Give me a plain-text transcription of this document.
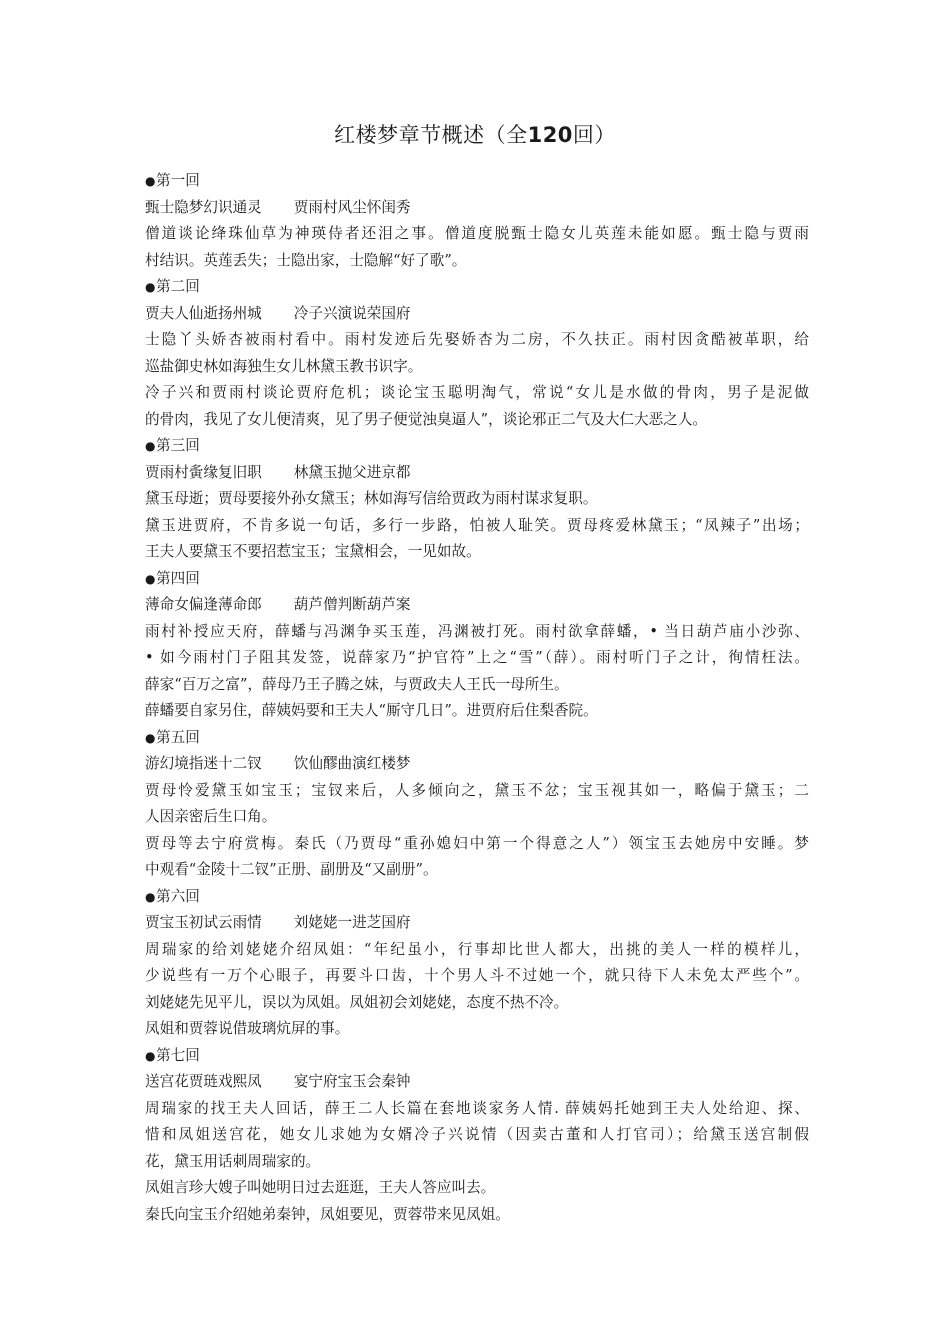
红楼梦章节概述（全120回）
●第一回
甄士隐梦幻识通灵 贾雨村风尘怀闺秀
僧道谈论绛珠仙草为神瑛侍者还泪之事。僧道度脱甄士隐女儿英莲未能如愿。甄士隐与贾雨
村结识。英莲丢失；士隐出家，士隐解“好了歌”。
●第二回
贾夫人仙逝扬州城 冷子兴演说荣国府
士隐丫头娇杏被雨村看中。雨村发迹后先娶娇杏为二房，不久扶正。雨村因贪酷被革职，给
巡盐御史林如海独生女儿林黛玉教书识字。
冷子兴和贾雨村谈论贾府危机；谈论宝玉聪明淘气，常说“女儿是水做的骨肉，男子是泥做
的骨肉，我见了女儿便清爽，见了男子便觉浊臭逼人”，谈论邪正二气及大仁大恶之人。
●第三回
贾雨村夤缘复旧职 林黛玉抛父进京都
黛玉母逝；贾母要接外孙女黛玉；林如海写信给贾政为雨村谋求复职。
黛玉进贾府，不肯多说一句话，多行一步路，怕被人耻笑。贾母疼爱林黛玉；“凤辣子”出场；
王夫人要黛玉不要招惹宝玉；宝黛相会，一见如故。
●第四回
薄命女偏逢薄命郎 葫芦僧判断葫芦案
雨村补授应天府，薛蟠与冯渊争买玉莲，冯渊被打死。雨村欲拿薛蟠，• 当日葫芦庙小沙弥、
• 如今雨村门子阻其发签，说薛家乃“护官符”上之“雪”（薛）。雨村听门子之计，徇情枉法。
薛家“百万之富”，薛母乃王子腾之妹，与贾政夫人王氏一母所生。
薛蟠要自家另住，薛姨妈要和王夫人“厮守几日”。进贾府后住梨香院。
●第五回
游幻境指迷十二钗 饮仙醪曲演红楼梦
贾母怜爱黛玉如宝玉；宝钗来后，人多倾向之，黛玉不忿；宝玉视其如一，略偏于黛玉；二
人因亲密后生口角。
贾母等去宁府赏梅。秦氏（乃贾母“重孙媳妇中第一个得意之人”）领宝玉去她房中安睡。梦
中观看“金陵十二钗”正册、副册及“又副册”。
●第六回
贾宝玉初试云雨情 刘姥姥一进芝国府
周瑞家的给刘姥姥介绍凤姐：“年纪虽小，行事却比世人都大，出挑的美人一样的模样儿，
少说些有一万个心眼子，再要斗口齿，十个男人斗不过她一个，就只待下人未免太严些个”。
刘姥姥先见平儿，误以为凤姐。凤姐初会刘姥姥，态度不热不冷。
凤姐和贾蓉说借玻璃炕屏的事。
●第七回
送宫花贾琏戏熙凤 宴宁府宝玉会秦钟
周瑞家的找王夫人回话，薛王二人长篇在套地谈家务人情. 薛姨妈托她到王夫人处给迎、探、
惜和凤姐送宫花，她女儿求她为女婿冷子兴说情（因卖古董和人打官司）；给黛玉送宫制假
花，黛玉用话刺周瑞家的。
凤姐言珍大嫂子叫她明日过去逛逛，王夫人答应叫去。
秦氏向宝玉介绍她弟秦钟，凤姐要见，贾蓉带来见凤姐。
